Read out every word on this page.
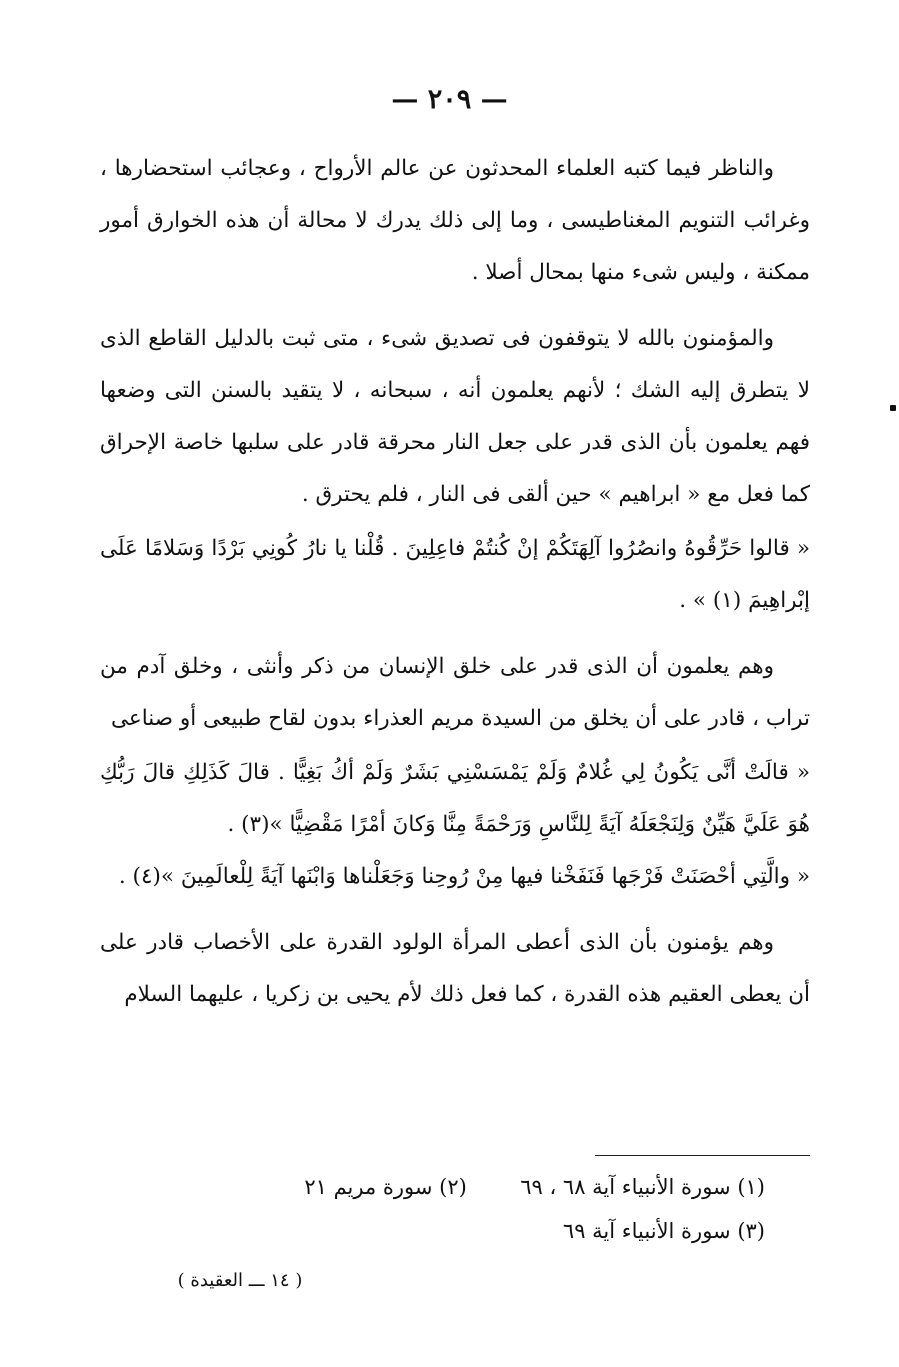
— ٢٠٩ —

والناظر فيما كتبه العلماء المحدثون عن عالم الأرواح ، وعجائب استحضارها ، وغرائب التنويم المغناطيسى ، وما إلى ذلك يدرك لا محالة أن هذه الخوارق أمور ممكنة ، وليس شىء منها بمحال أصلا .

والمؤمنون بالله لا يتوقفون فى تصديق شىء ، متى ثبت بالدليل القاطع الذى لا يتطرق إليه الشك ؛ لأنهم يعلمون أنه ، سبحانه ، لا يتقيد بالسنن التى وضعها فهم يعلمون بأن الذى قدر على جعل النار محرقة قادر على سلبها خاصة الإحراق كما فعل مع « ابراهيم » حين ألقى فى النار ، فلم يحترق .

« قالوا حَرِّقُوهُ وانصُرُوا آلِهَتَكُمْ إنْ كُنتُمْ فاعِلِينَ . قُلْنا يا نارُ كُونِي بَرْدًا وَسَلامًا عَلَى إبْراهِيمَ (١) » .

وهم يعلمون أن الذى قدر على خلق الإنسان من ذكر وأنثى ، وخلق آدم من تراب ، قادر على أن يخلق من السيدة مريم العذراء بدون لقاح طبيعى أو صناعى

« قالَتْ أنَّى يَكُونُ لِي غُلامٌ وَلَمْ يَمْسَسْنِي بَشَرٌ وَلَمْ أكُ بَغِيًّا . قالَ كَذَلِكِ قالَ رَبُّكِ هُوَ عَلَيَّ هَيِّنٌ وَلِنَجْعَلَهُ آيَةً لِلنَّاسِ وَرَحْمَةً مِنَّا وَكانَ أمْرًا مَقْضِيًّا »(٣) .

« والَّتِي أحْصَنَتْ فَرْجَها فَنَفَخْنا فيها مِنْ رُوحِنا وَجَعَلْناها وَابْنَها آيَةً لِلْعالَمِينَ »(٤) .

وهم يؤمنون بأن الذى أعطى المرأة الولود القدرة على الأخصاب قادر على أن يعطى العقيم هذه القدرة ، كما فعل ذلك لأم يحيى بن زكريا ، عليهما السلام

(١) سورة الأنبياء آية ٦٨ ، ٦٩  (٢) سورة مريم ٢١
(٣) سورة الأنبياء آية ٦٩
( ١٤ ـــ العقيدة )
